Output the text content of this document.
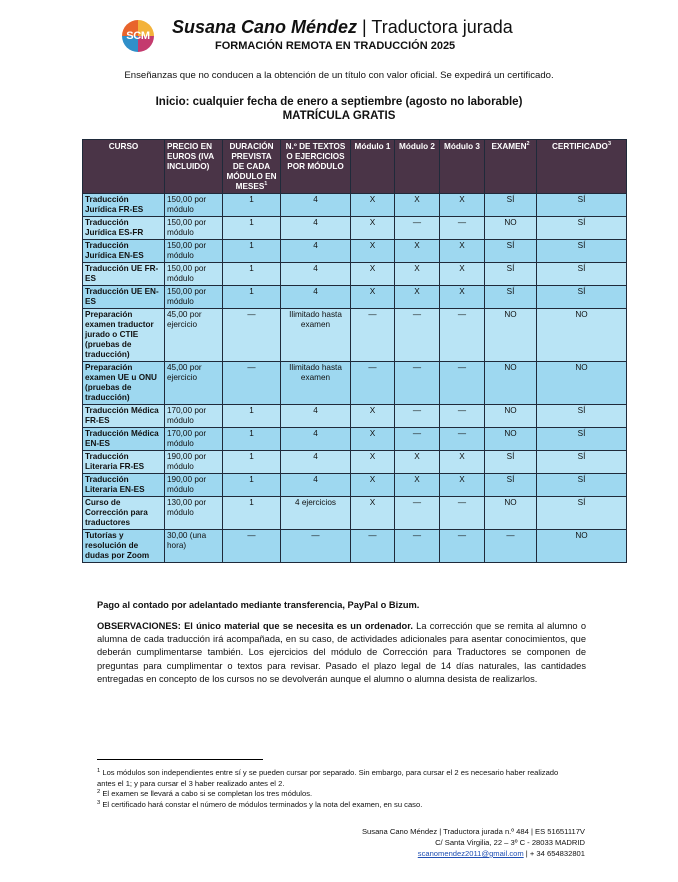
SCM Susana Cano Méndez | Traductora jurada
FORMACIÓN REMOTA EN TRADUCCIÓN 2025
Enseñanzas que no conducen a la obtención de un título con valor oficial. Se expedirá un certificado.
Inicio: cualquier fecha de enero a septiembre (agosto no laborable)
MATRÍCULA GRATIS
CURSO	PRECIO EN EUROS (IVA INCLUIDO)	DURACIÓN PREVISTA DE CADA MÓDULO EN MESES$^1$	N.º DE TEXTOS O EJERCICIOS POR MÓDULO	Módulo 1	Módulo 2	Módulo 3	EXAMEN$^2$	CERTIFICADO$^3$
Traducción Jurídica FR-ES	150,00 por módulo	1	4	X	X	X	SÍ	SÍ
Traducción Jurídica ES-FR	150,00 por módulo	1	4	X	—	—	NO	SÍ
Traducción Jurídica EN-ES	150,00 por módulo	1	4	X	X	X	SÍ	SÍ
Traducción UE FR-ES	150,00 por módulo	1	4	X	X	X	SÍ	SÍ
Traducción UE EN-ES	150,00 por módulo	1	4	X	X	X	SÍ	SÍ
Preparación examen traductor jurado o CTIE (pruebas de traducción)	45,00 por ejercicio	—	Ilimitado hasta examen	—	—	—	NO	NO
Preparación examen UE u ONU (pruebas de traducción)	45,00 por ejercicio	—	Ilimitado hasta examen	—	—	—	NO	NO
Traducción Médica FR-ES	170,00 por módulo	1	4	X	—	—	NO	SÍ
Traducción Médica EN-ES	170,00 por módulo	1	4	X	—	—	NO	SÍ
Traducción Literaria FR-ES	190,00 por módulo	1	4	X	X	X	SÍ	SÍ
Traducción Literaria EN-ES	190,00 por módulo	1	4	X	X	X	SÍ	SÍ
Curso de Corrección para traductores	130,00 por módulo	1	4 ejercicios	X	—	—	NO	SÍ
Tutorías y resolución de dudas por Zoom	30,00 (una hora)	—	—	—	—	—	—	NO
Pago al contado por adelantado mediante transferencia, PayPal o Bizum.
OBSERVACIONES: El único material que se necesita es un ordenador. La corrección que se remita al alumno o alumna de cada traducción irá acompañada, en su caso, de actividades adicionales para asentar conocimientos, que deberán cumplimentarse también. Los ejercicios del módulo de Corrección para Traductores se componen de preguntas para cumplimentar o textos para revisar. Pasado el plazo legal de 14 días naturales, las cantidades entregadas en concepto de los cursos no se devolverán aunque el alumno o alumna desista de realizarlos.
$^1$ Los módulos son independientes entre sí y se pueden cursar por separado. Sin embargo, para cursar el 2 es necesario haber realizado antes el 1; y para cursar el 3 haber realizado antes el 2.
$^2$ El examen se llevará a cabo si se completan los tres módulos.
$^3$ El certificado hará constar el número de módulos terminados y la nota del examen, en su caso.
Susana Cano Méndez | Traductora jurada n.º 484 | ES 51651117V
C/ Santa Virgilia, 22 – 3º C - 28033 MADRID
scanomendez2011@gmail.com | + 34 654832801
